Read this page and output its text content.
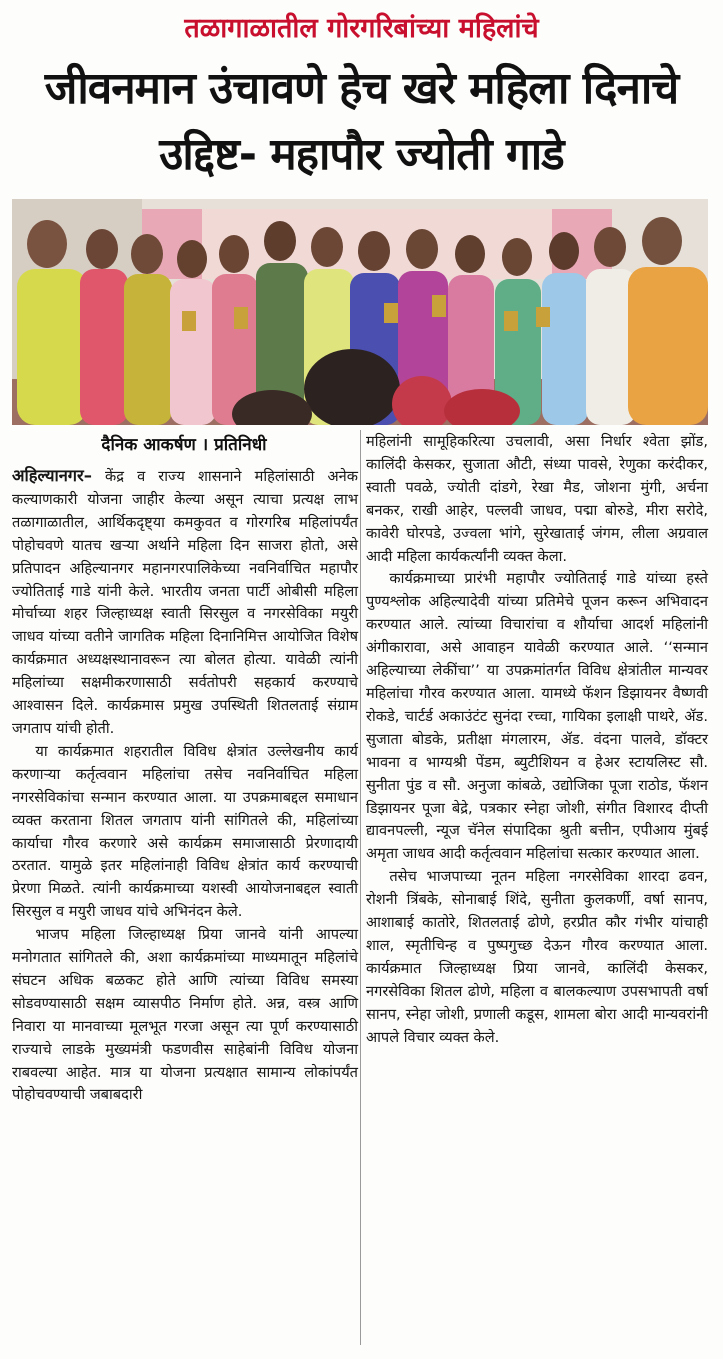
तळागाळातील गोरगरिबांच्या महिलांचे
जीवनमान उंचावणे हेच खरे महिला दिनाचे
उद्दिष्ट- महापौर ज्योती गाडे
दैनिक आकर्षण । प्रतिनिधी

अहिल्यानगर– केंद्र व राज्य शासनाने महिलांसाठी अनेक कल्याणकारी योजना जाहीर केल्या असून त्याचा प्रत्यक्ष लाभ तळागाळातील, आर्थिकदृष्ट्या कमकुवत व गोरगरिब महिलांपर्यंत पोहोचवणे यातच खऱ्या अर्थाने महिला दिन साजरा होतो, असे प्रतिपादन अहिल्यानगर महानगरपालिकेच्या नवनिर्वाचित महापौर ज्योतिताई गाडे यांनी केले. भारतीय जनता पार्टी ओबीसी महिला मोर्चाच्या शहर जिल्हाध्यक्ष स्वाती सिरसुल व नगरसेविका मयुरी जाधव यांच्या वतीने जागतिक महिला दिनानिमित्त आयोजित विशेष कार्यक्रमात अध्यक्षस्थानावरून त्या बोलत होत्या. यावेळी त्यांनी महिलांच्या सक्षमीकरणासाठी सर्वतोपरी सहकार्य करण्याचे आश्वासन दिले. कार्यक्रमास प्रमुख उपस्थिती शितलताई संग्राम जगताप यांची होती.

या कार्यक्रमात शहरातील विविध क्षेत्रांत उल्लेखनीय कार्य करणाऱ्या कर्तृत्ववान महिलांचा तसेच नवनिर्वाचित महिला नगरसेविकांचा सन्मान करण्यात आला. या उपक्रमाबद्दल समाधान व्यक्त करताना शितल जगताप यांनी सांगितले की, महिलांच्या कार्याचा गौरव करणारे असे कार्यक्रम समाजासाठी प्रेरणादायी ठरतात. यामुळे इतर महिलांनाही विविध क्षेत्रांत कार्य करण्याची प्रेरणा मिळते. त्यांनी कार्यक्रमाच्या यशस्वी आयोजनाबद्दल स्वाती सिरसुल व मयुरी जाधव यांचे अभिनंदन केले.

भाजप महिला जिल्हाध्यक्ष प्रिया जानवे यांनी आपल्या मनोगतात सांगितले की, अशा कार्यक्रमांच्या माध्यमातून महिलांचे संघटन अधिक बळकट होते आणि त्यांच्या विविध समस्या सोडवण्यासाठी सक्षम व्यासपीठ निर्माण होते. अन्न, वस्त्र आणि निवारा या मानवाच्या मूलभूत गरजा असून त्या पूर्ण करण्यासाठी राज्याचे लाडके मुख्यमंत्री फडणवीस साहेबांनी विविध योजना राबवल्या आहेत. मात्र या योजना प्रत्यक्षात सामान्य लोकांपर्यंत पोहोचवण्याची जबाबदारी

महिलांनी सामूहिकरित्या उचलावी, असा निर्धार श्वेता झोंड, कालिंदी केसकर, सुजाता औटी, संध्या पावसे, रेणुका करंदीकर, स्वाती पवळे, ज्योती दांडगे, रेखा मैड, जोशना मुंगी, अर्चना बनकर, राखी आहेर, पल्लवी जाधव, पद्मा बोरुडे, मीरा सरोदे, कावेरी घोरपडे, उज्वला भांगे, सुरेखाताई जंगम, लीला अग्रवाल आदी महिला कार्यकर्त्यांनी व्यक्त केला.

कार्यक्रमाच्या प्रारंभी महापौर ज्योतिताई गाडे यांच्या हस्ते पुण्यश्लोक अहिल्यादेवी यांच्या प्रतिमेचे पूजन करून अभिवादन करण्यात आले. त्यांच्या विचारांचा व शौर्याचा आदर्श महिलांनी अंगीकारावा, असे आवाहन यावेळी करण्यात आले. ‘‘सन्मान अहिल्याच्या लेकींचा’’ या उपक्रमांतर्गत विविध क्षेत्रांतील मान्यवर महिलांचा गौरव करण्यात आला. यामध्ये फॅशन डिझायनर वैष्णवी रोकडे, चार्टर्ड अकाउंटंट सुनंदा रच्चा, गायिका इलाक्षी पाथरे, ॲड. सुजाता बोडके, प्रतीक्षा मंगलारम, ॲड. वंदना पालवे, डॉक्टर भावना व भाग्यश्री पेंडम, ब्युटीशियन व हेअर स्टायलिस्ट सौ. सुनीता पुंड व सौ. अनुजा कांबळे, उद्योजिका पूजा राठोड, फॅशन डिझायनर पूजा बेद्रे, पत्रकार स्नेहा जोशी, संगीत विशारद दीप्ती द्यावनपल्ली, न्यूज चॅनेल संपादिका श्रुती बत्तीन, एपीआय मुंबई अमृता जाधव आदी कर्तृत्ववान महिलांचा सत्कार करण्यात आला.

तसेच भाजपाच्या नूतन महिला नगरसेविका शारदा ढवन, रोशनी त्रिंबके, सोनाबाई शिंदे, सुनीता कुलकर्णी, वर्षा सानप, आशाबाई कातोरे, शितलताई ढोणे, हरप्रीत कौर गंभीर यांचाही शाल, स्मृतीचिन्ह व पुष्पगुच्छ देऊन गौरव करण्यात आला. कार्यक्रमात जिल्हाध्यक्ष प्रिया जानवे, कालिंदी केसकर, नगरसेविका शितल ढोणे, महिला व बालकल्याण उपसभापती वर्षा सानप, स्नेहा जोशी, प्रणाली कडूस, शामला बोरा आदी मान्यवरांनी आपले विचार व्यक्त केले.
